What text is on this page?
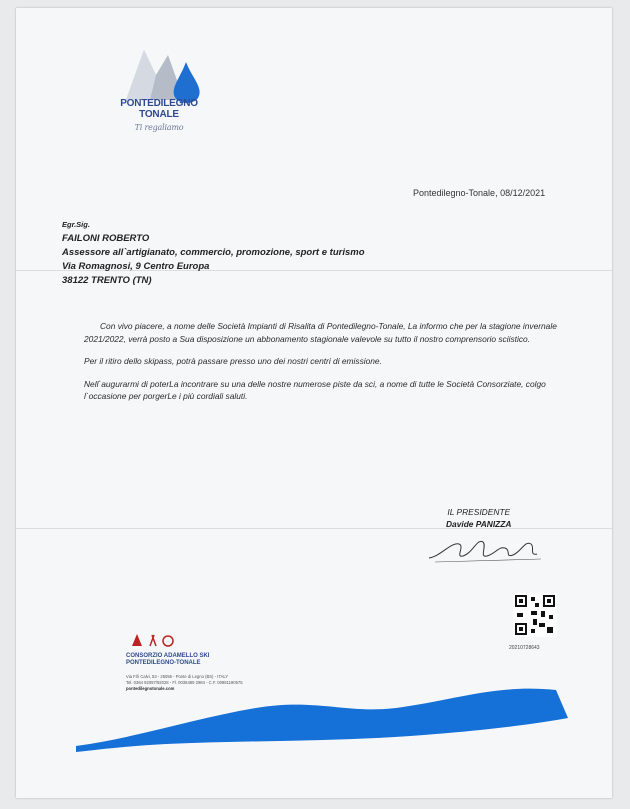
PONTEDILEGNO
TONALE
Ti regaliamo
Pontedilegno-Tonale, 08/12/2021
Egr.Sig.
FAILONI ROBERTO
Assessore all`artigianato, commercio, promozione, sport e turismo
Via Romagnosi, 9 Centro Europa
38122 TRENTO (TN)

Con vivo piacere, a nome delle Società Impianti di Risalita di Pontedilegno-Tonale, La informo che per la stagione invernale 2021/2022, verrà posto a Sua disposizione un abbonamento stagionale valevole su tutto il nostro comprensorio sciistico.

Per il ritiro dello skipass, potrà passare presso uno dei nostri centri di emissione.

Nell`augurarmi di poterLa incontrare su una delle nostre numerose piste da sci, a nome di tutte le Società Consorziate, colgo l`occasione per porgerLe i più cordiali saluti.

IL PRESIDENTE
Davide PANIZZA
20210728643
CONSORZIO ADAMELLO SKI
PONTEDILEGNO-TONALE
Via F.lli Calvi, 53 - 25056 - Ponte di Legno (BS) - ITALY
Tel. 0364 92097/92028 - Fl. 0036489 2984 - C.F. 00981190575
pontedilegnotonale.com
